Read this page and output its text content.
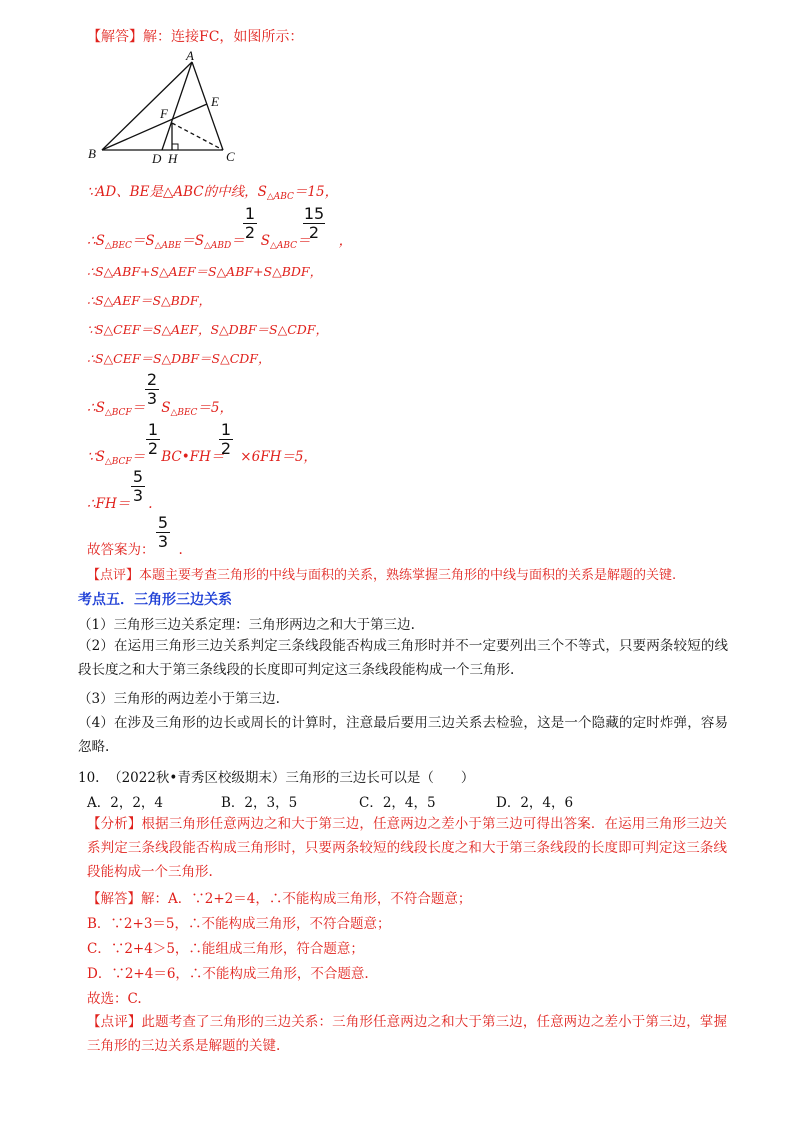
【解答】解：连接FC，如图所示：
A
B	C
D
E
F
H
∵AD、BE是△ABC的中线，$S_{\triangle ABC}=15$，
$\therefore S_{\triangle BEC}=S_{\triangle ABE}=S_{\triangle ABD}= S_{\triangle ABC}=$ ，
1
2
15
2
∴S△ABF+S△AEF＝S△ABF+S△BDF，
∴S△AEF＝S△BDF，
∵S△CEF＝S△AEF，S△DBF＝S△CDF，
∴S△CEF＝S△DBF＝S△CDF，
$\therefore S_{\triangle BCF}= S_{\triangle BEC}=5$，
2
3
$\because S_{\triangle BCF}=$ BC•FH＝ ×6FH＝5，
1
2
1
2
∴FH＝ .
5
3
故答案为： .
5
3
【点评】本题主要考查三角形的中线与面积的关系，熟练掌握三角形的中线与面积的关系是解题的关键.
考点五．三角形三边关系
（1）三角形三边关系定理：三角形两边之和大于第三边.
（2）在运用三角形三边关系判定三条线段能否构成三角形时并不一定要列出三个不等式，只要两条较短的线段长度之和大于第三条线段的长度即可判定这三条线段能构成一个三角形.
（3）三角形的两边差小于第三边.
（4）在涉及三角形的边长或周长的计算时，注意最后要用三边关系去检验，这是一个隐藏的定时炸弹，容易忽略.
10. （2022秋•青秀区校级期末）三角形的三边长可以是（　　）
A．2，2，4	B．2，3，5	C．2，4，5	D．2，4，6
【分析】根据三角形任意两边之和大于第三边，任意两边之差小于第三边可得出答案．在运用三角形三边关系判定三条线段能否构成三角形时，只要两条较短的线段长度之和大于第三条线段的长度即可判定这三条线段能构成一个三角形.
【解答】解：A．∵2+2＝4，∴不能构成三角形，不符合题意；
B．∵2+3＝5，∴不能构成三角形，不符合题意；
C．∵2+4＞5，∴能组成三角形，符合题意；
D．∵2+4＝6，∴不能构成三角形，不合题意.
故选：C.
【点评】此题考查了三角形的三边关系：三角形任意两边之和大于第三边，任意两边之差小于第三边，掌握三角形的三边关系是解题的关键.
